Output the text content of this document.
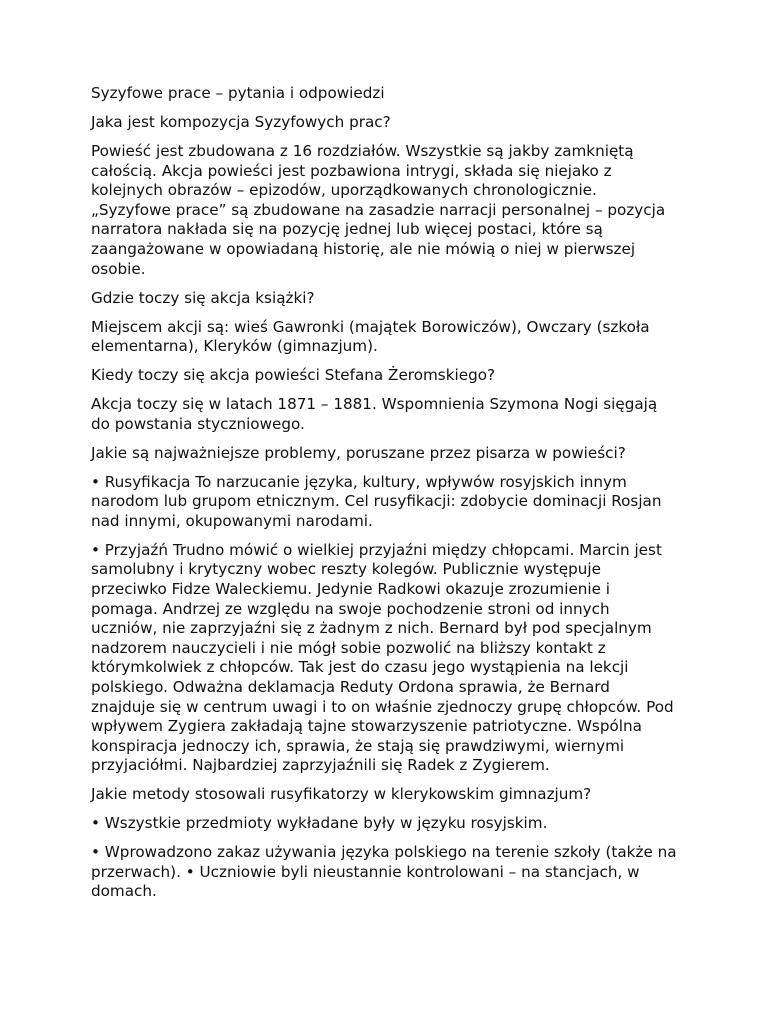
Syzyfowe prace – pytania i odpowiedzi

Jaka jest kompozycja Syzyfowych prac?

Powieść jest zbudowana z 16 rozdziałów. Wszystkie są jakby zamkniętą całością. Akcja powieści jest pozbawiona intrygi, składa się niejako z kolejnych obrazów – epizodów, uporządkowanych chronologicznie. „Syzyfowe prace” są zbudowane na zasadzie narracji personalnej – pozycja narratora nakłada się na pozycję jednej lub więcej postaci, które są zaangażowane w opowiadaną historię, ale nie mówią o niej w pierwszej osobie.

Gdzie toczy się akcja książki?

Miejscem akcji są: wieś Gawronki (majątek Borowiczów), Owczary (szkoła elementarna), Kleryków (gimnazjum).

Kiedy toczy się akcja powieści Stefana Żeromskiego?

Akcja toczy się w latach 1871 – 1881. Wspomnienia Szymona Nogi sięgają do powstania styczniowego.

Jakie są najważniejsze problemy, poruszane przez pisarza w powieści?

• Rusyfikacja To narzucanie języka, kultury, wpływów rosyjskich innym narodom lub grupom etnicznym. Cel rusyfikacji: zdobycie dominacji Rosjan nad innymi, okupowanymi narodami.

• Przyjaźń Trudno mówić o wielkiej przyjaźni między chłopcami. Marcin jest samolubny i krytyczny wobec reszty kolegów. Publicznie występuje przeciwko Fidze Waleckiemu. Jedynie Radkowi okazuje zrozumienie i pomaga. Andrzej ze względu na swoje pochodzenie stroni od innych uczniów, nie zaprzyjaźni się z żadnym z nich. Bernard był pod specjalnym nadzorem nauczycieli i nie mógł sobie pozwolić na bliższy kontakt z którymkolwiek z chłopców. Tak jest do czasu jego wystąpienia na lekcji polskiego. Odważna deklamacja Reduty Ordona sprawia, że Bernard znajduje się w centrum uwagi i to on właśnie zjednoczy grupę chłopców. Pod wpływem Zygiera zakładają tajne stowarzyszenie patriotyczne. Wspólna konspiracja jednoczy ich, sprawia, że stają się prawdziwymi, wiernymi przyjaciółmi. Najbardziej zaprzyjaźnili się Radek z Zygierem.

Jakie metody stosowali rusyfikatorzy w klerykowskim gimnazjum?

• Wszystkie przedmioty wykładane były w języku rosyjskim.

• Wprowadzono zakaz używania języka polskiego na terenie szkoły (także na przerwach). • Uczniowie byli nieustannie kontrolowani – na stancjach, w domach.
